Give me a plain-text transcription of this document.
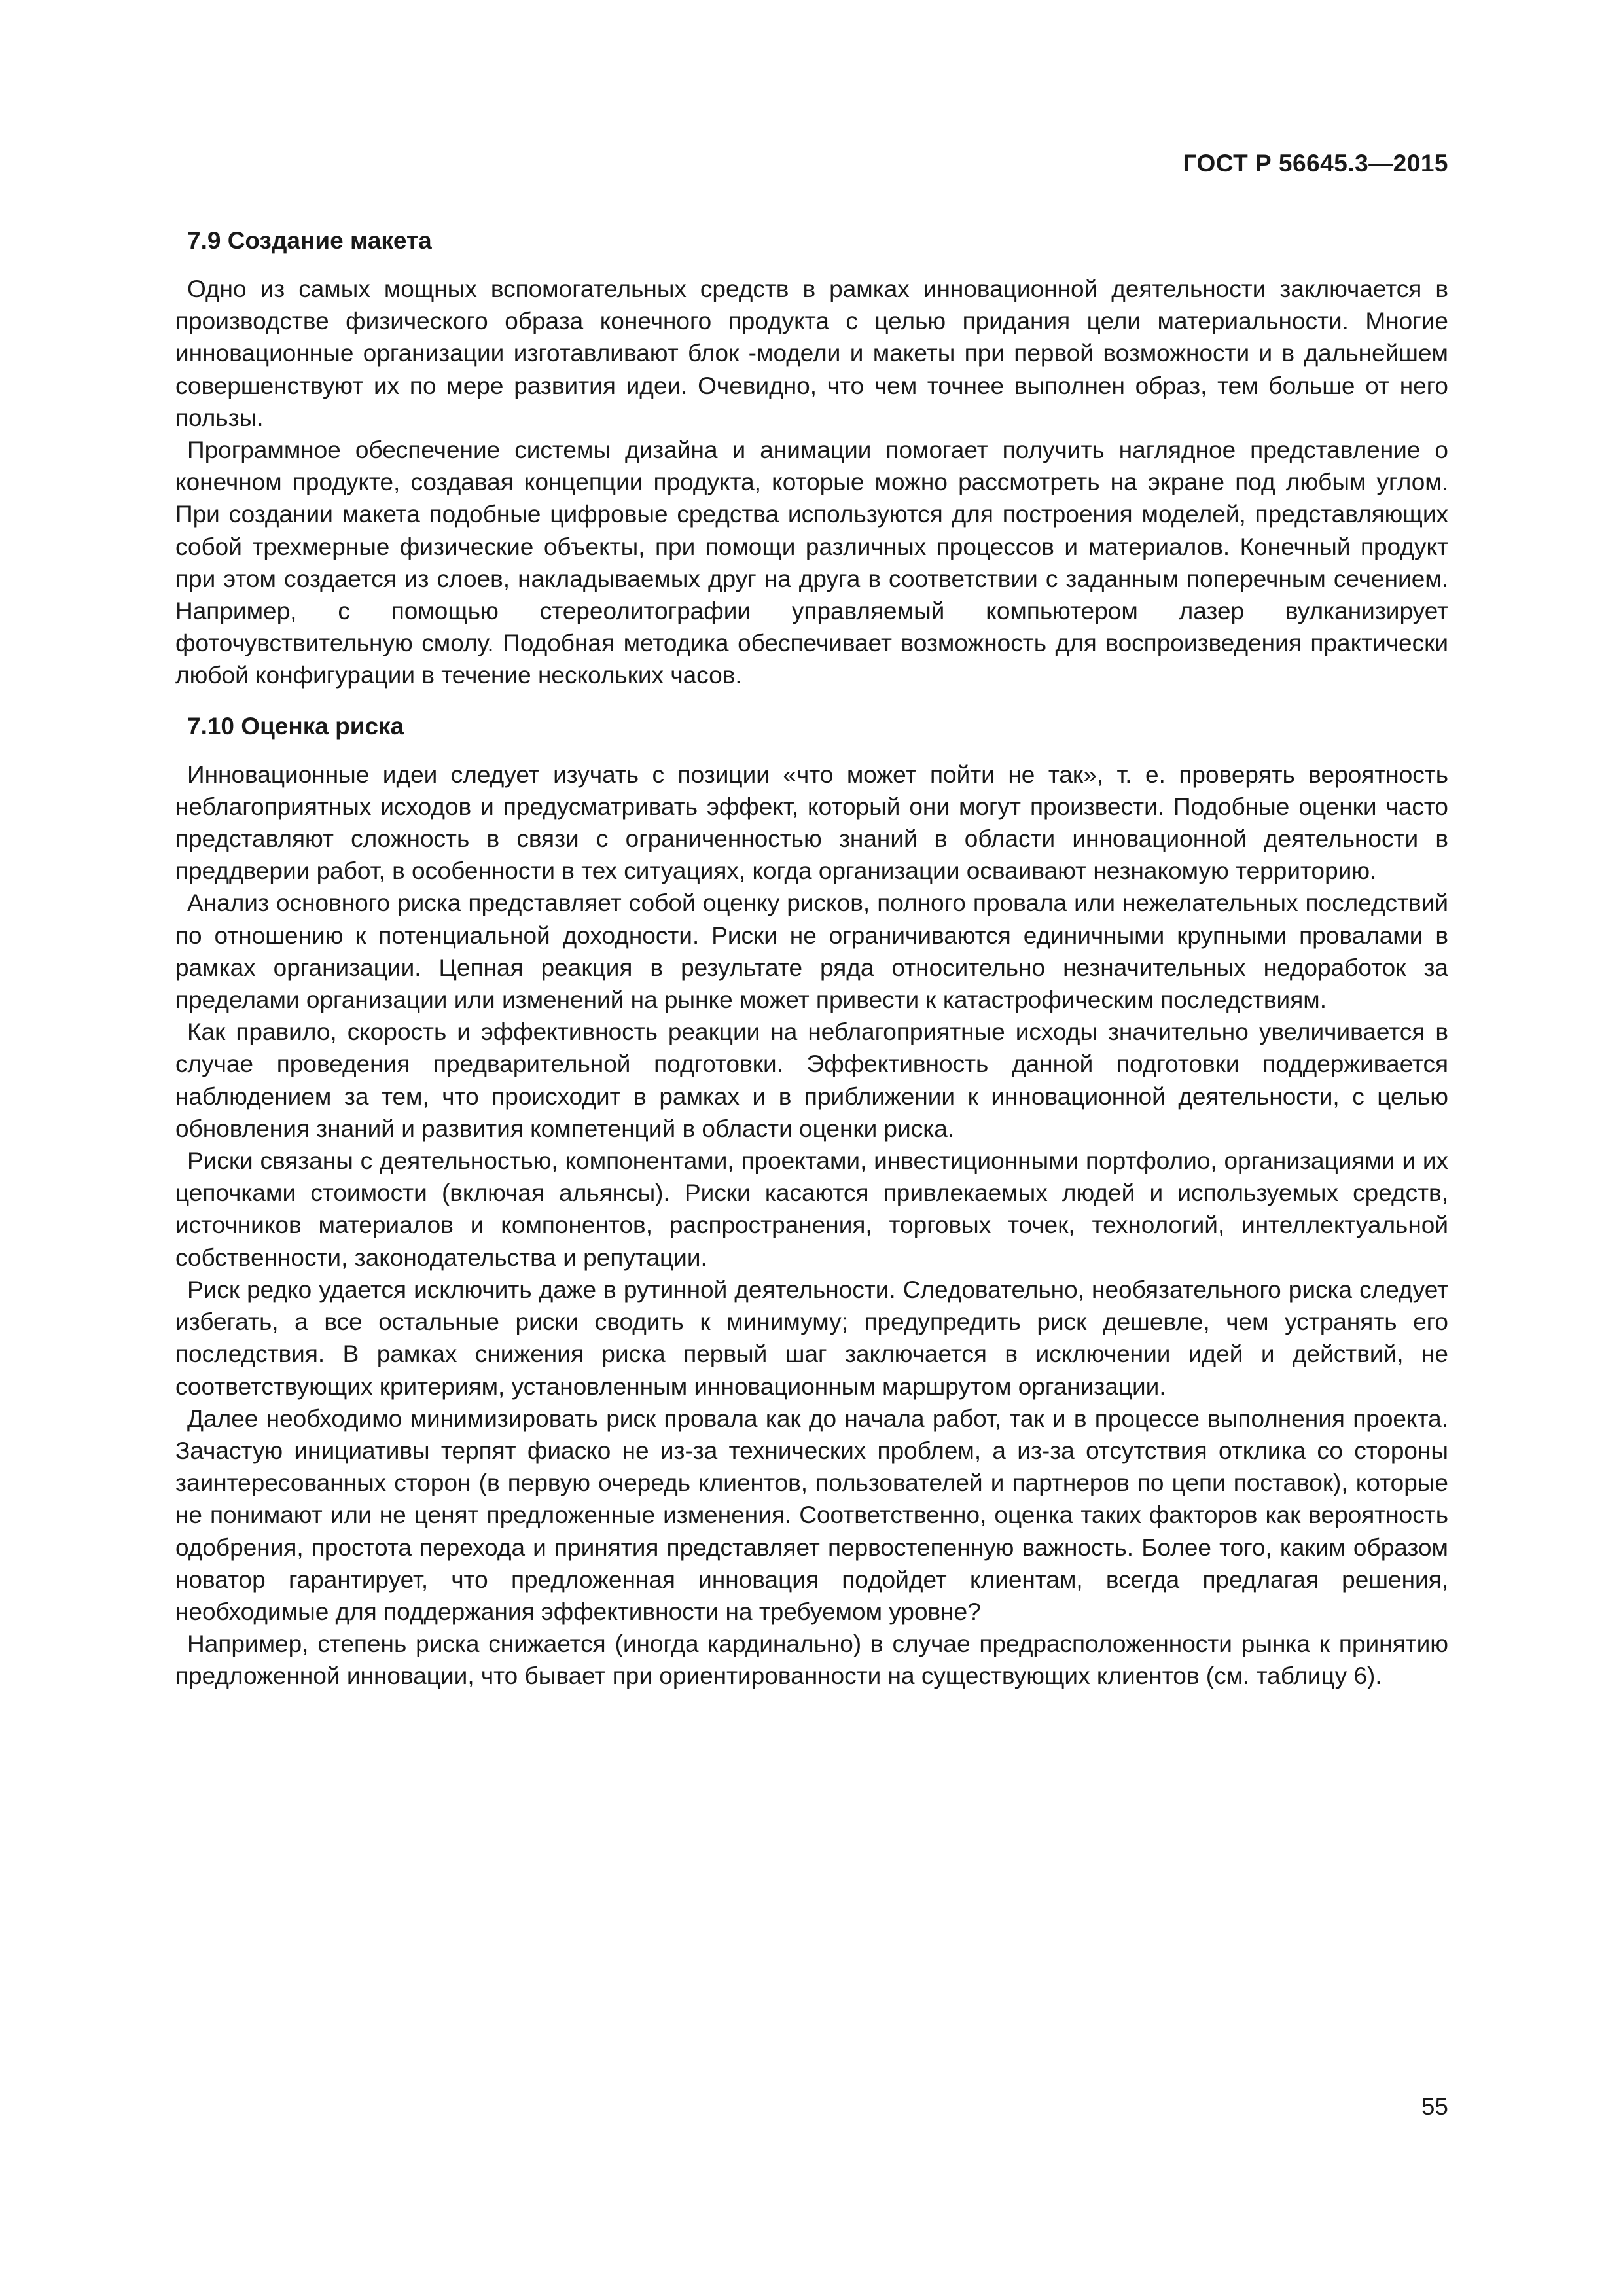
ГОСТ Р 56645.3—2015
7.9 Создание макета

Одно из самых мощных вспомогательных средств в рамках инновационной деятельности заключается в производстве физического образа конечного продукта с целью придания цели материальности. Многие инновационные организации изготавливают блок -модели и макеты при первой возможности и в дальнейшем совершенствуют их по мере развития идеи. Очевидно, что чем точнее выполнен образ, тем больше от него пользы.

Программное обеспечение системы дизайна и анимации помогает получить наглядное представление о конечном продукте, создавая концепции продукта, которые можно рассмотреть на экране под любым углом. При создании макета подобные цифровые средства используются для построения моделей, представляющих собой трехмерные физические объекты, при помощи различных процессов и материалов. Конечный продукт при этом создается из слоев, накладываемых друг на друга в соответствии с заданным поперечным сечением. Например, с помощью стереолитографии управляемый компьютером лазер вулканизирует фоточувствительную смолу. Подобная методика обеспечивает возможность для воспроизведения практически любой конфигурации в течение нескольких часов.

7.10 Оценка риска

Инновационные идеи следует изучать с позиции «что может пойти не так», т. е. проверять вероятность неблагоприятных исходов и предусматривать эффект, который они могут произвести. Подобные оценки часто представляют сложность в связи с ограниченностью знаний в области инновационной деятельности в преддверии работ, в особенности в тех ситуациях, когда организации осваивают незнакомую территорию.

Анализ основного риска представляет собой оценку рисков, полного провала или нежелательных последствий по отношению к потенциальной доходности. Риски не ограничиваются единичными крупными провалами в рамках организации. Цепная реакция в результате ряда относительно незначительных недоработок за пределами организации или изменений на рынке может привести к катастрофическим последствиям.

Как правило, скорость и эффективность реакции на неблагоприятные исходы значительно увеличивается в случае проведения предварительной подготовки. Эффективность данной подготовки поддерживается наблюдением за тем, что происходит в рамках и в приближении к инновационной деятельности, с целью обновления знаний и развития компетенций в области оценки риска.

Риски связаны с деятельностью, компонентами, проектами, инвестиционными портфолио, организациями и их цепочками стоимости (включая альянсы). Риски касаются привлекаемых людей и используемых средств, источников материалов и компонентов, распространения, торговых точек, технологий, интеллектуальной собственности, законодательства и репутации.

Риск редко удается исключить даже в рутинной деятельности. Следовательно, необязательного риска следует избегать, а все остальные риски сводить к минимуму; предупредить риск дешевле, чем устранять его последствия. В рамках снижения риска первый шаг заключается в исключении идей и действий, не соответствующих критериям, установленным инновационным маршрутом организации.

Далее необходимо минимизировать риск провала как до начала работ, так и в процессе выполнения проекта. Зачастую инициативы терпят фиаско не из-за технических проблем, а из-за отсутствия отклика со стороны заинтересованных сторон (в первую очередь клиентов, пользователей и партнеров по цепи поставок), которые не понимают или не ценят предложенные изменения. Соответственно, оценка таких факторов как вероятность одобрения, простота перехода и принятия представляет первостепенную важность. Более того, каким образом новатор гарантирует, что предложенная инновация подойдет клиентам, всегда предлагая решения, необходимые для поддержания эффективности на требуемом уровне?

Например, степень риска снижается (иногда кардинально) в случае предрасположенности рынка к принятию предложенной инновации, что бывает при ориентированности на существующих клиентов (см. таблицу 6).

55
